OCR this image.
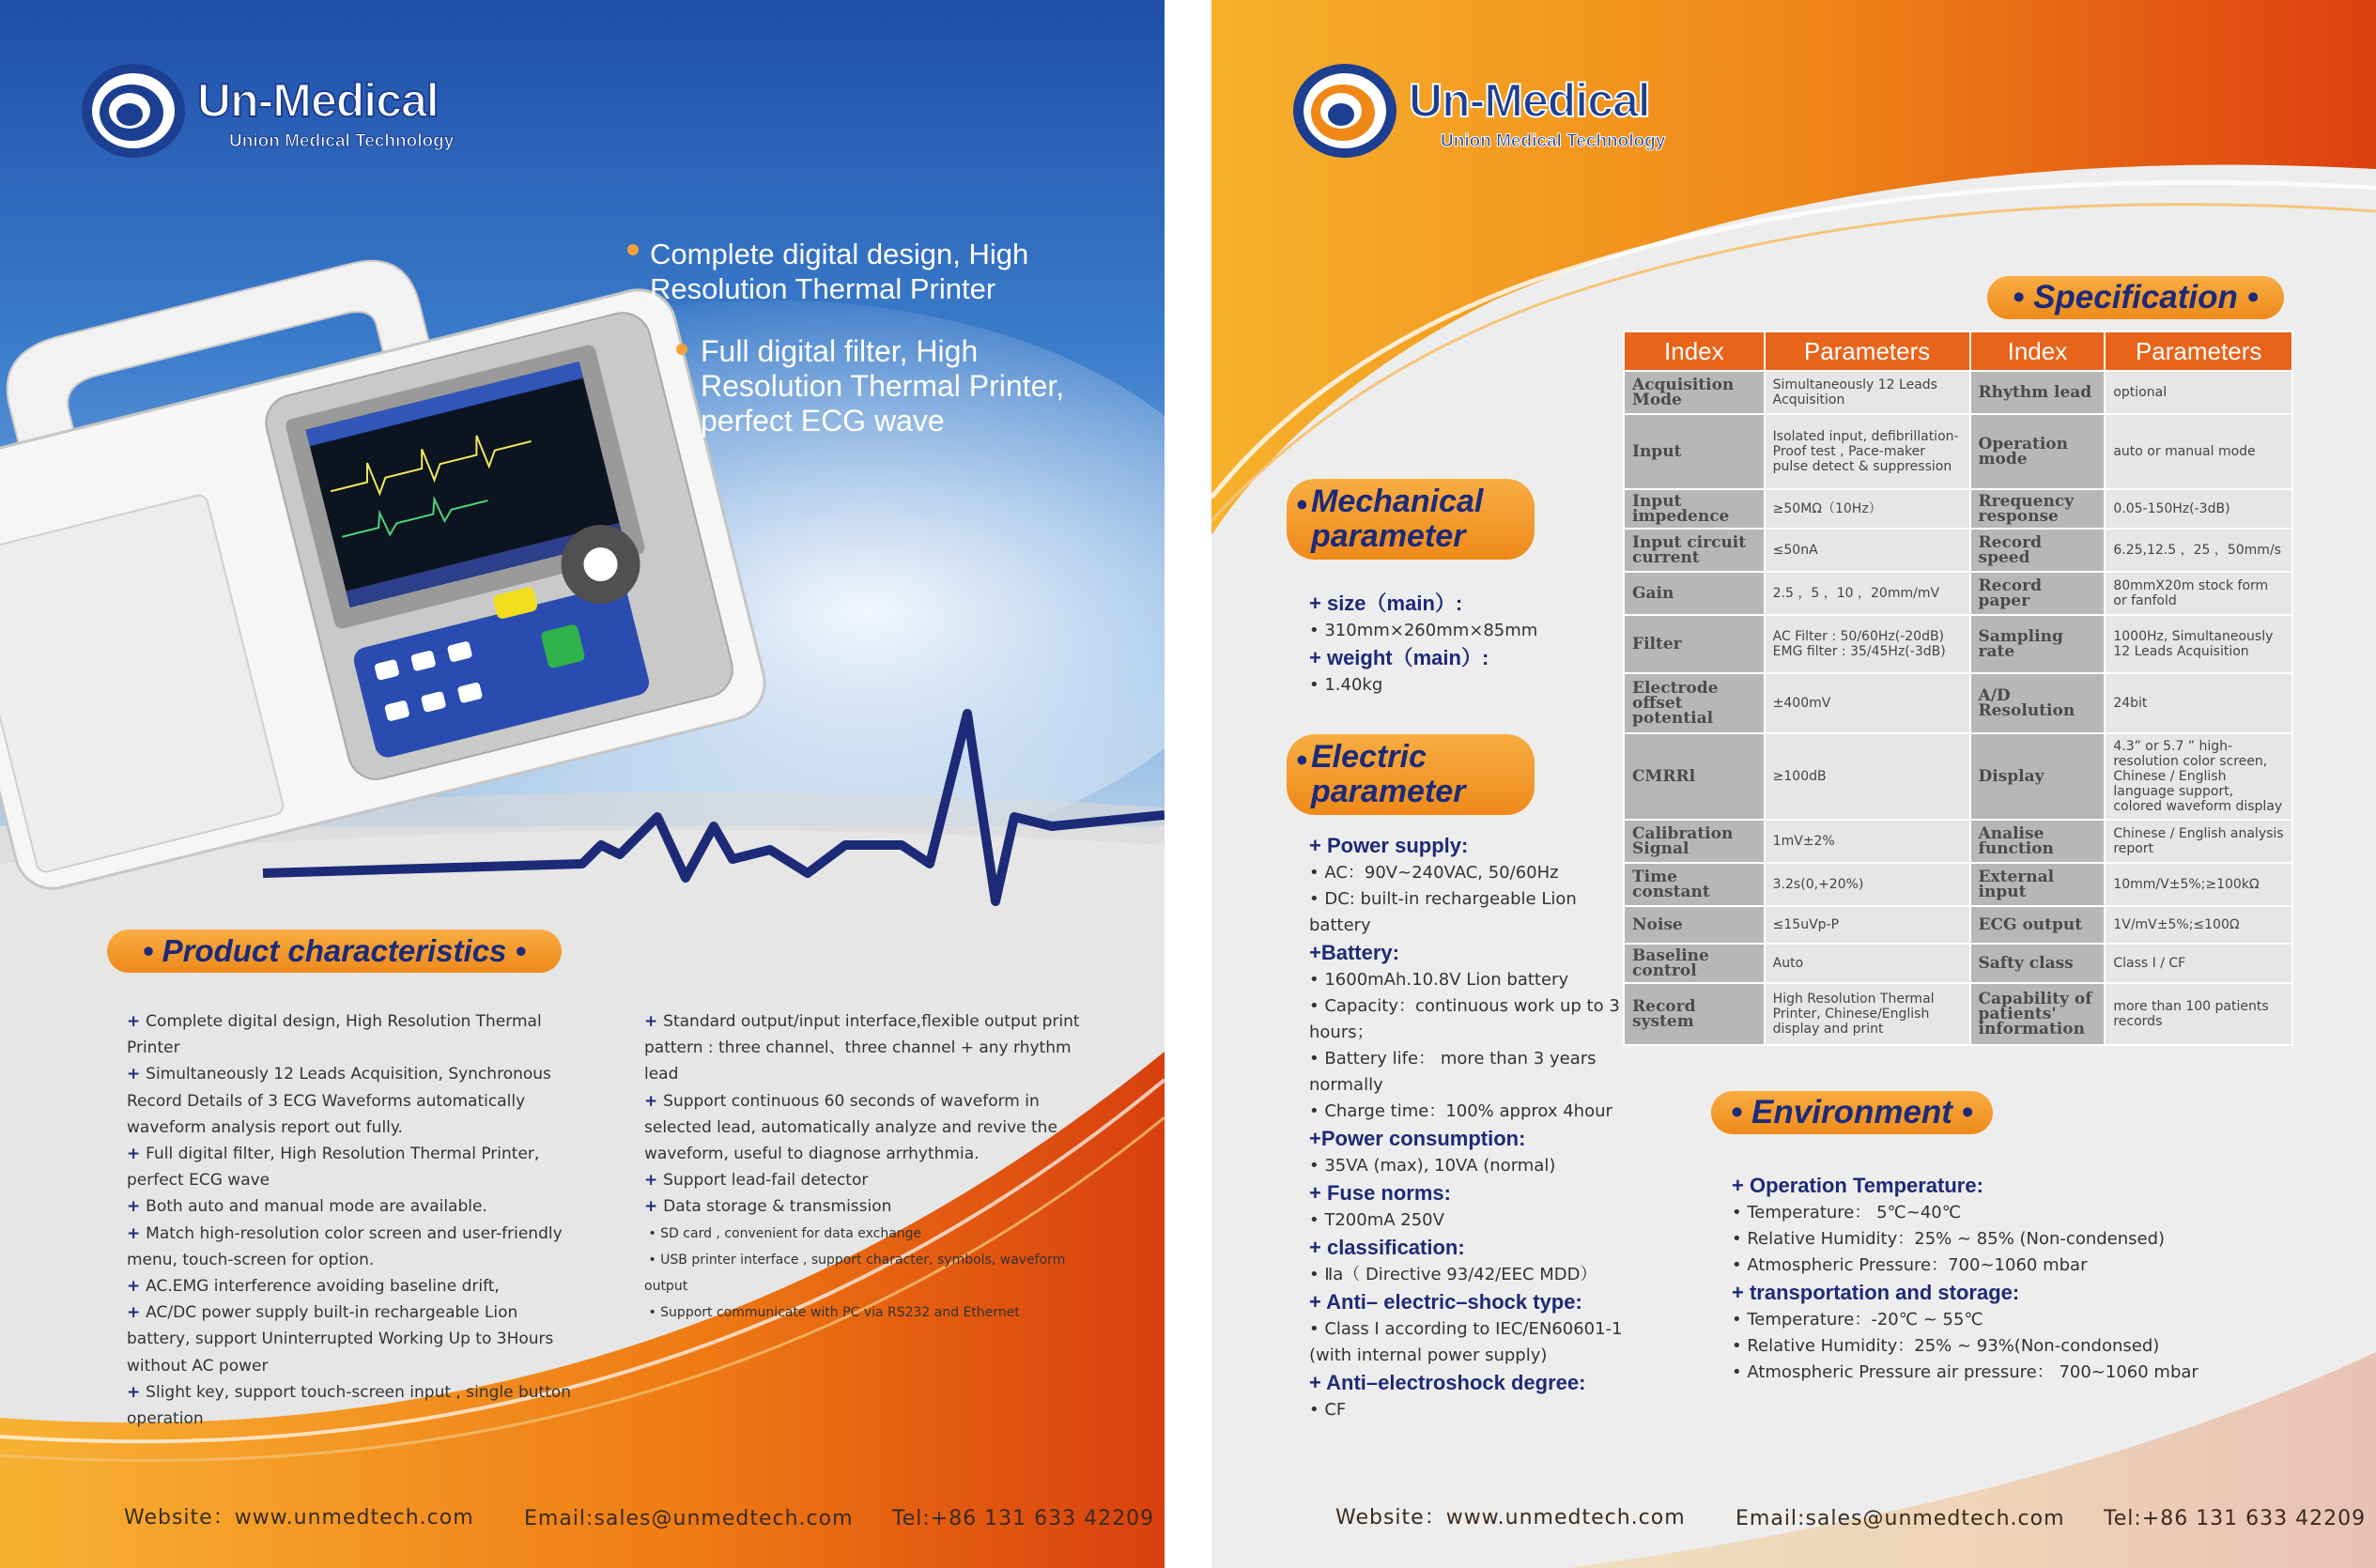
Un-Medical
Union Medical Technology
Complete digital design, High Resolution Thermal Printer
Full digital filter, High Resolution Thermal Printer, perfect ECG wave
• Product characteristics •
+ Complete digital design, High Resolution Thermal Printer
+ Simultaneously 12 Leads Acquisition, Synchronous Record Details of 3 ECG Waveforms automatically waveform analysis report out fully.
+ Full digital filter, High Resolution Thermal Printer, perfect ECG wave
+ Both auto and manual mode are available.
+ Match high-resolution color screen and user-friendly menu, touch-screen for option.
+ AC.EMG interference avoiding baseline drift,
+ AC/DC power supply built-in rechargeable Lion battery, support Uninterrupted Working Up to 3Hours without AC power
+ Slight key, support touch-screen input , single button operation
+ Standard output/input interface,flexible output print pattern : three channel、three channel + any rhythm lead
+ Support continuous 60 seconds of waveform in selected lead, automatically analyze and revive the waveform, useful to diagnose arrhythmia.
+ Support lead-fail detector
+ Data storage & transmission
• SD card , convenient for data exchange
• USB printer interface , support character, symbols, waveform output
• Support communicate with PC via RS232 and Ethernet
Website：www.unmedtech.com Email:sales@unmedtech.com Tel:+86 131 633 42209
Un-Medical
Union Medical Technology
• Specification •
Index	Parameters	Index	Parameters
Acquisition Mode	Simultaneously 12 Leads Acquisition	Rhythm lead	optional
Input	Isolated input, defibrillation-Proof test , Pace-maker pulse detect & suppression	Operation mode	auto or manual mode
Input impedence	≥50MΩ（10Hz）	Rrequency response	0.05-150Hz(-3dB)
Input circuit current	≤50nA	Record speed	6.25,12.5 ，25 ，50mm/s
Gain	2.5 ，5 ，10 ，20mm/mV	Record paper	80mmX20m stock form or fanfold
Filter	AC Filter : 50/60Hz(-20dB) EMG filter : 35/45Hz(-3dB)	Sampling rate	1000Hz, Simultaneously 12 Leads Acquisition
Electrode offset potential	±400mV	A/D Resolution	24bit
CMRRl	≥100dB	Display	4.3” or 5.7 ” high-resolution color screen, Chinese / English language support, colored waveform display
Calibration Signal	1mV±2%	Analise function	Chinese / English analysis report
Time constant	3.2s(0,+20%)	External input	10mm/V±5%;≥100kΩ
Noise	≤15uVp-P	ECG output	1V/mV±5%;≤100Ω
Baseline control	Auto	Safty class	Class I / CF
Record system	High Resolution Thermal Printer, Chinese/English display and print	Capability of patients' information	more than 100 patients records
• Mechanical parameter
+ size（main）:
• 310mm×260mm×85mm
+ weight（main）:
• 1.40kg
• Electric parameter
+ Power supply:
• AC：90V~240VAC, 50/60Hz
• DC: built-in rechargeable Lion battery
+Battery:
• 1600mAh.10.8V Lion battery
• Capacity：continuous work up to 3 hours；
• Battery life： more than 3 years normally
• Charge time：100% approx 4hour
+Power consumption:
• 35VA (max), 10VA (normal)
+ Fuse norms:
• T200mA 250V
+ classification:
• Ⅱa（ Directive 93/42/EEC MDD）
+ Anti– electric–shock type:
• Class I according to IEC/EN60601-1 (with internal power supply)
+ Anti–electroshock degree:
• CF
• Environment •
+ Operation Temperature:
• Temperature： 5℃~40℃
• Relative Humidity：25% ~ 85% (Non-condensed)
• Atmospheric Pressure：700~1060 mbar
+ transportation and storage:
• Temperature：-20℃ ~ 55℃
• Relative Humidity：25% ~ 93%(Non-condonsed)
• Atmospheric Pressure air pressure： 700~1060 mbar
Website：www.unmedtech.com Email:sales@unmedtech.com Tel:+86 131 633 42209
